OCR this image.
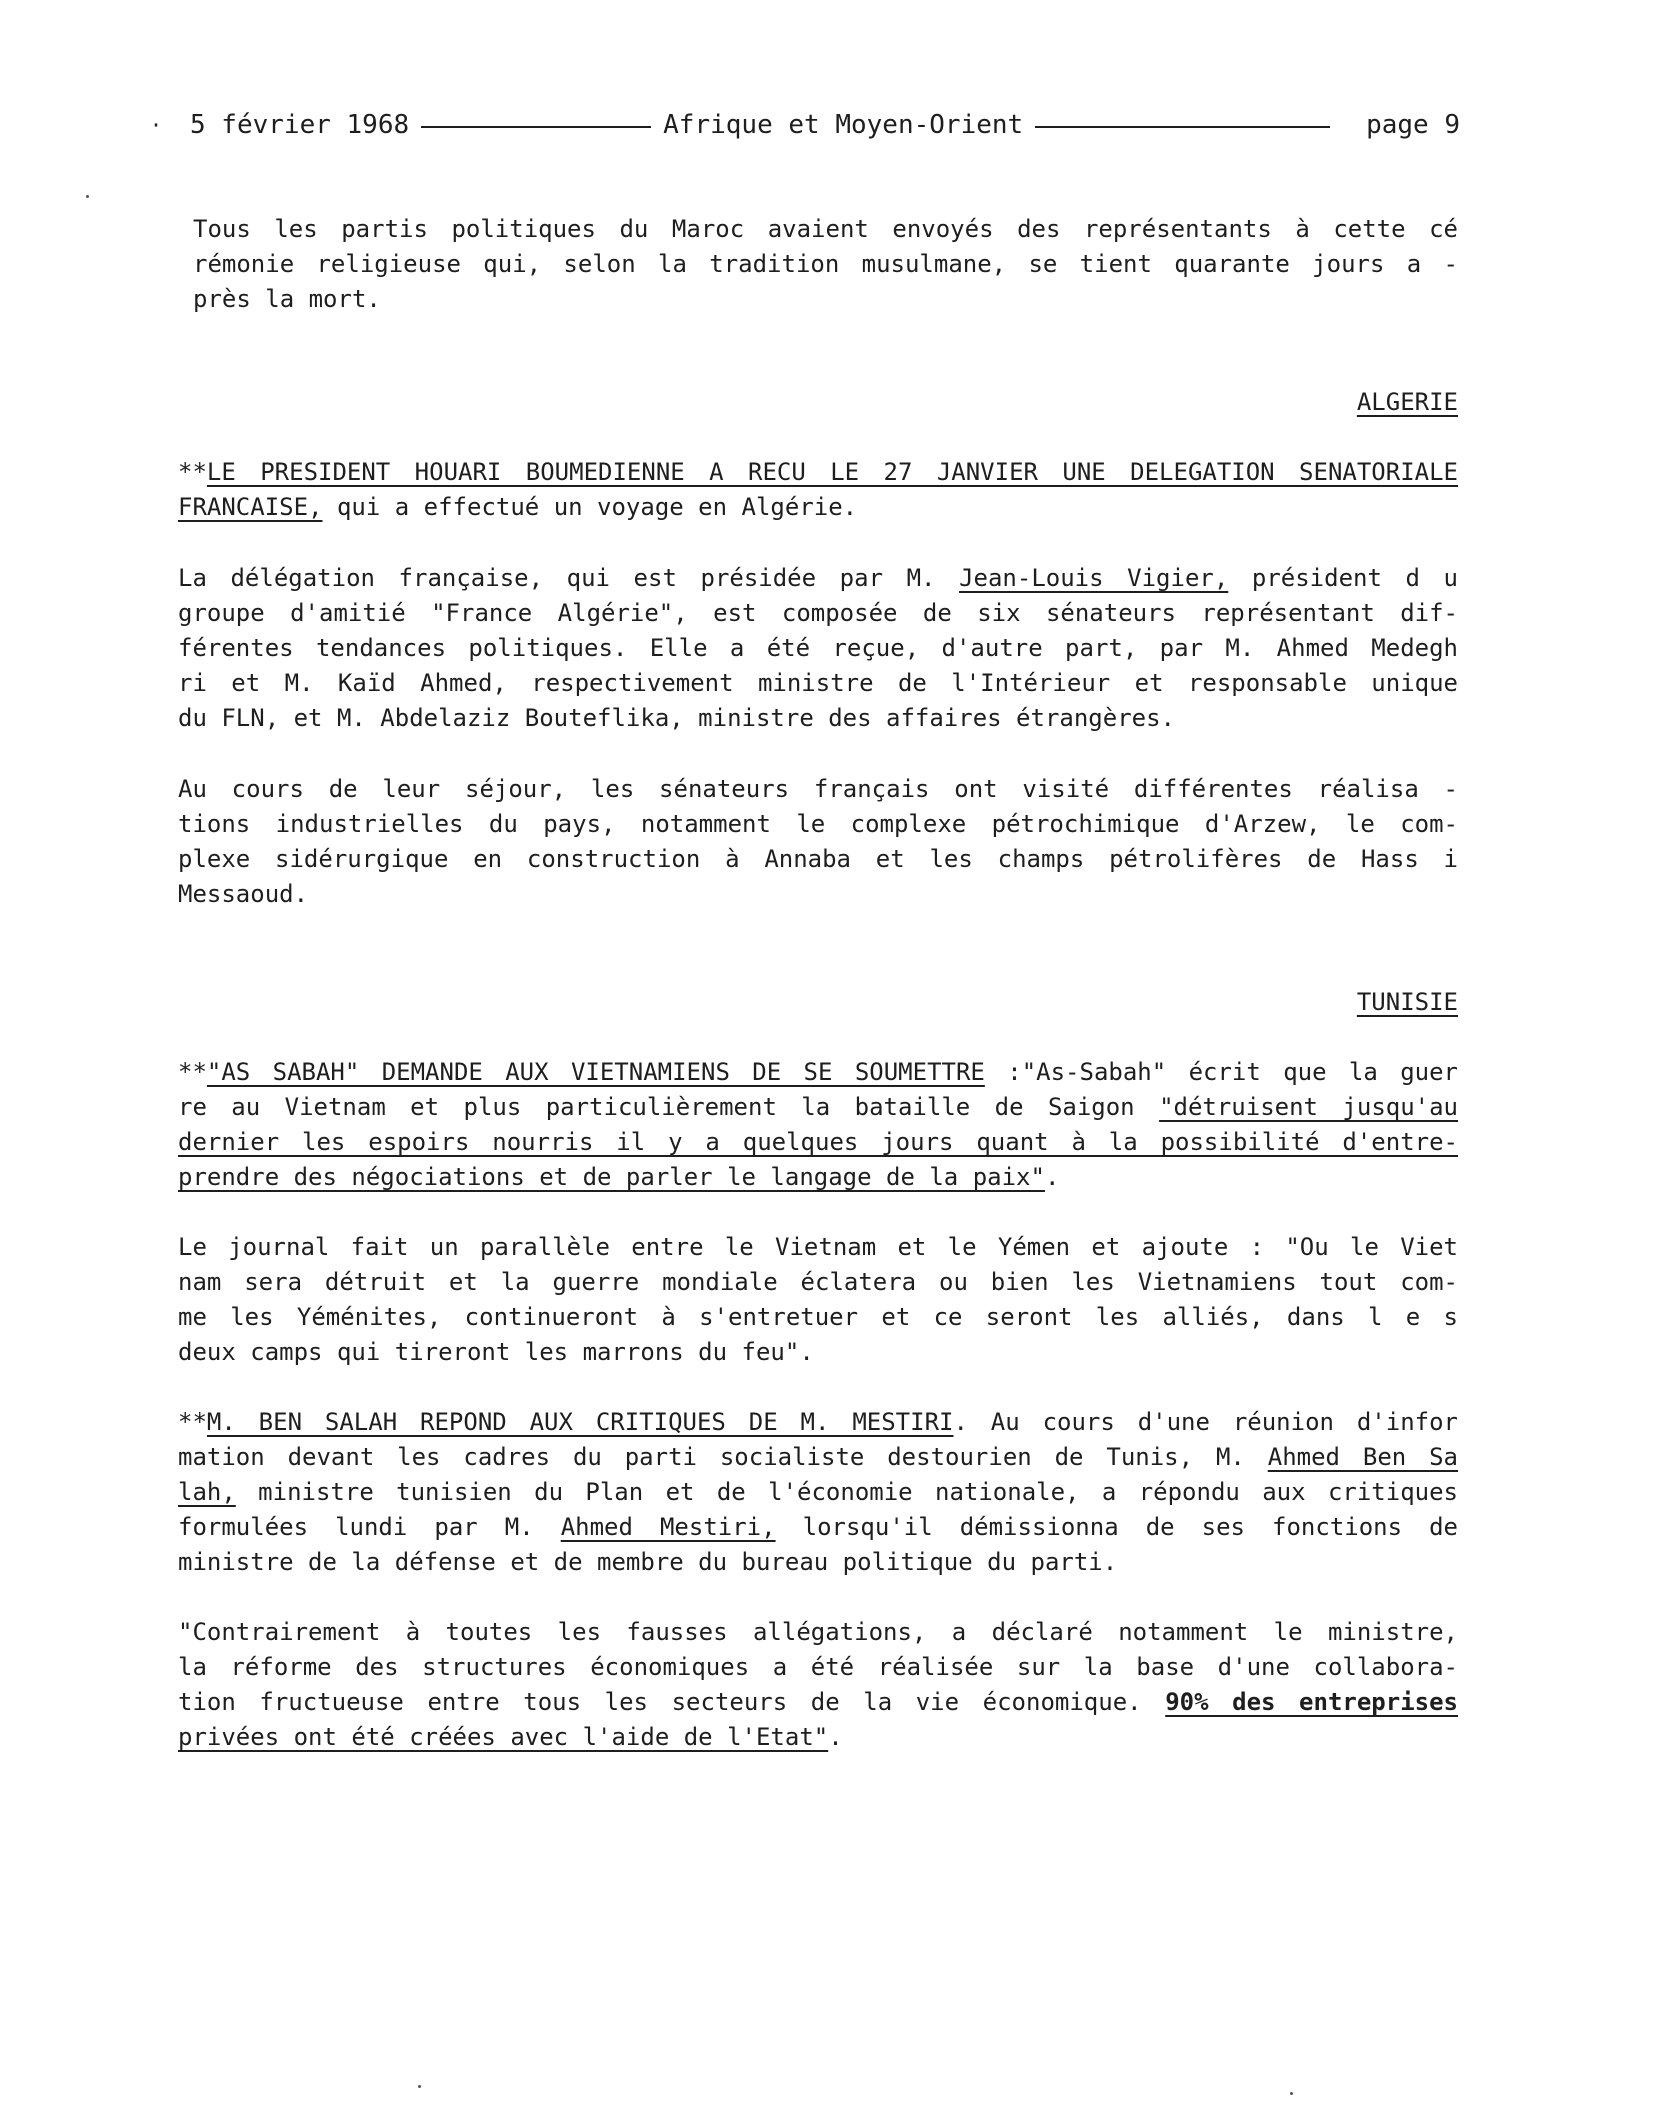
· 5 février 1968	Afrique et Moyen-Orient	page 9
Tous les partis politiques du Maroc avaient envoyés des représentants à cette cé
rémonie religieuse qui, selon la tradition musulmane, se tient quarante jours a -
près la mort.
ALGERIE
**LE PRESIDENT HOUARI BOUMEDIENNE A RECU LE 27 JANVIER UNE DELEGATION SENATORIALE
FRANCAISE, qui a effectué un voyage en Algérie.
La délégation française, qui est présidée par M. Jean-Louis Vigier, président d u
groupe d'amitié "France Algérie", est composée de six sénateurs représentant dif-
férentes tendances politiques. Elle a été reçue, d'autre part, par M. Ahmed Medegh
ri et M. Kaïd Ahmed, respectivement ministre de l'Intérieur et responsable unique
du FLN, et M. Abdelaziz Bouteflika, ministre des affaires étrangères.
Au cours de leur séjour, les sénateurs français ont visité différentes réalisa -
tions industrielles du pays, notamment le complexe pétrochimique d'Arzew, le com-
plexe sidérurgique en construction à Annaba et les champs pétrolifères de Hass i
Messaoud.
TUNISIE
**"AS SABAH" DEMANDE AUX VIETNAMIENS DE SE SOUMETTRE :"As-Sabah" écrit que la guer
re au Vietnam et plus particulièrement la bataille de Saigon "détruisent jusqu'au
dernier les espoirs nourris il y a quelques jours quant à la possibilité d'entre-
prendre des négociations et de parler le langage de la paix".
Le journal fait un parallèle entre le Vietnam et le Yémen et ajoute : "Ou le Viet
nam sera détruit et la guerre mondiale éclatera ou bien les Vietnamiens tout com-
me les Yéménites, continueront à s'entretuer et ce seront les alliés, dans l e s
deux camps qui tireront les marrons du feu".
**M. BEN SALAH REPOND AUX CRITIQUES DE M. MESTIRI. Au cours d'une réunion d'infor
mation devant les cadres du parti socialiste destourien de Tunis, M. Ahmed Ben Sa
lah, ministre tunisien du Plan et de l'économie nationale, a répondu aux critiques
formulées lundi par M. Ahmed Mestiri, lorsqu'il démissionna de ses fonctions de
ministre de la défense et de membre du bureau politique du parti.
"Contrairement à toutes les fausses allégations, a déclaré notamment le ministre,
la réforme des structures économiques a été réalisée sur la base d'une collabora-
tion fructueuse entre tous les secteurs de la vie économique. 90% des entreprises
privées ont été créées avec l'aide de l'Etat".
